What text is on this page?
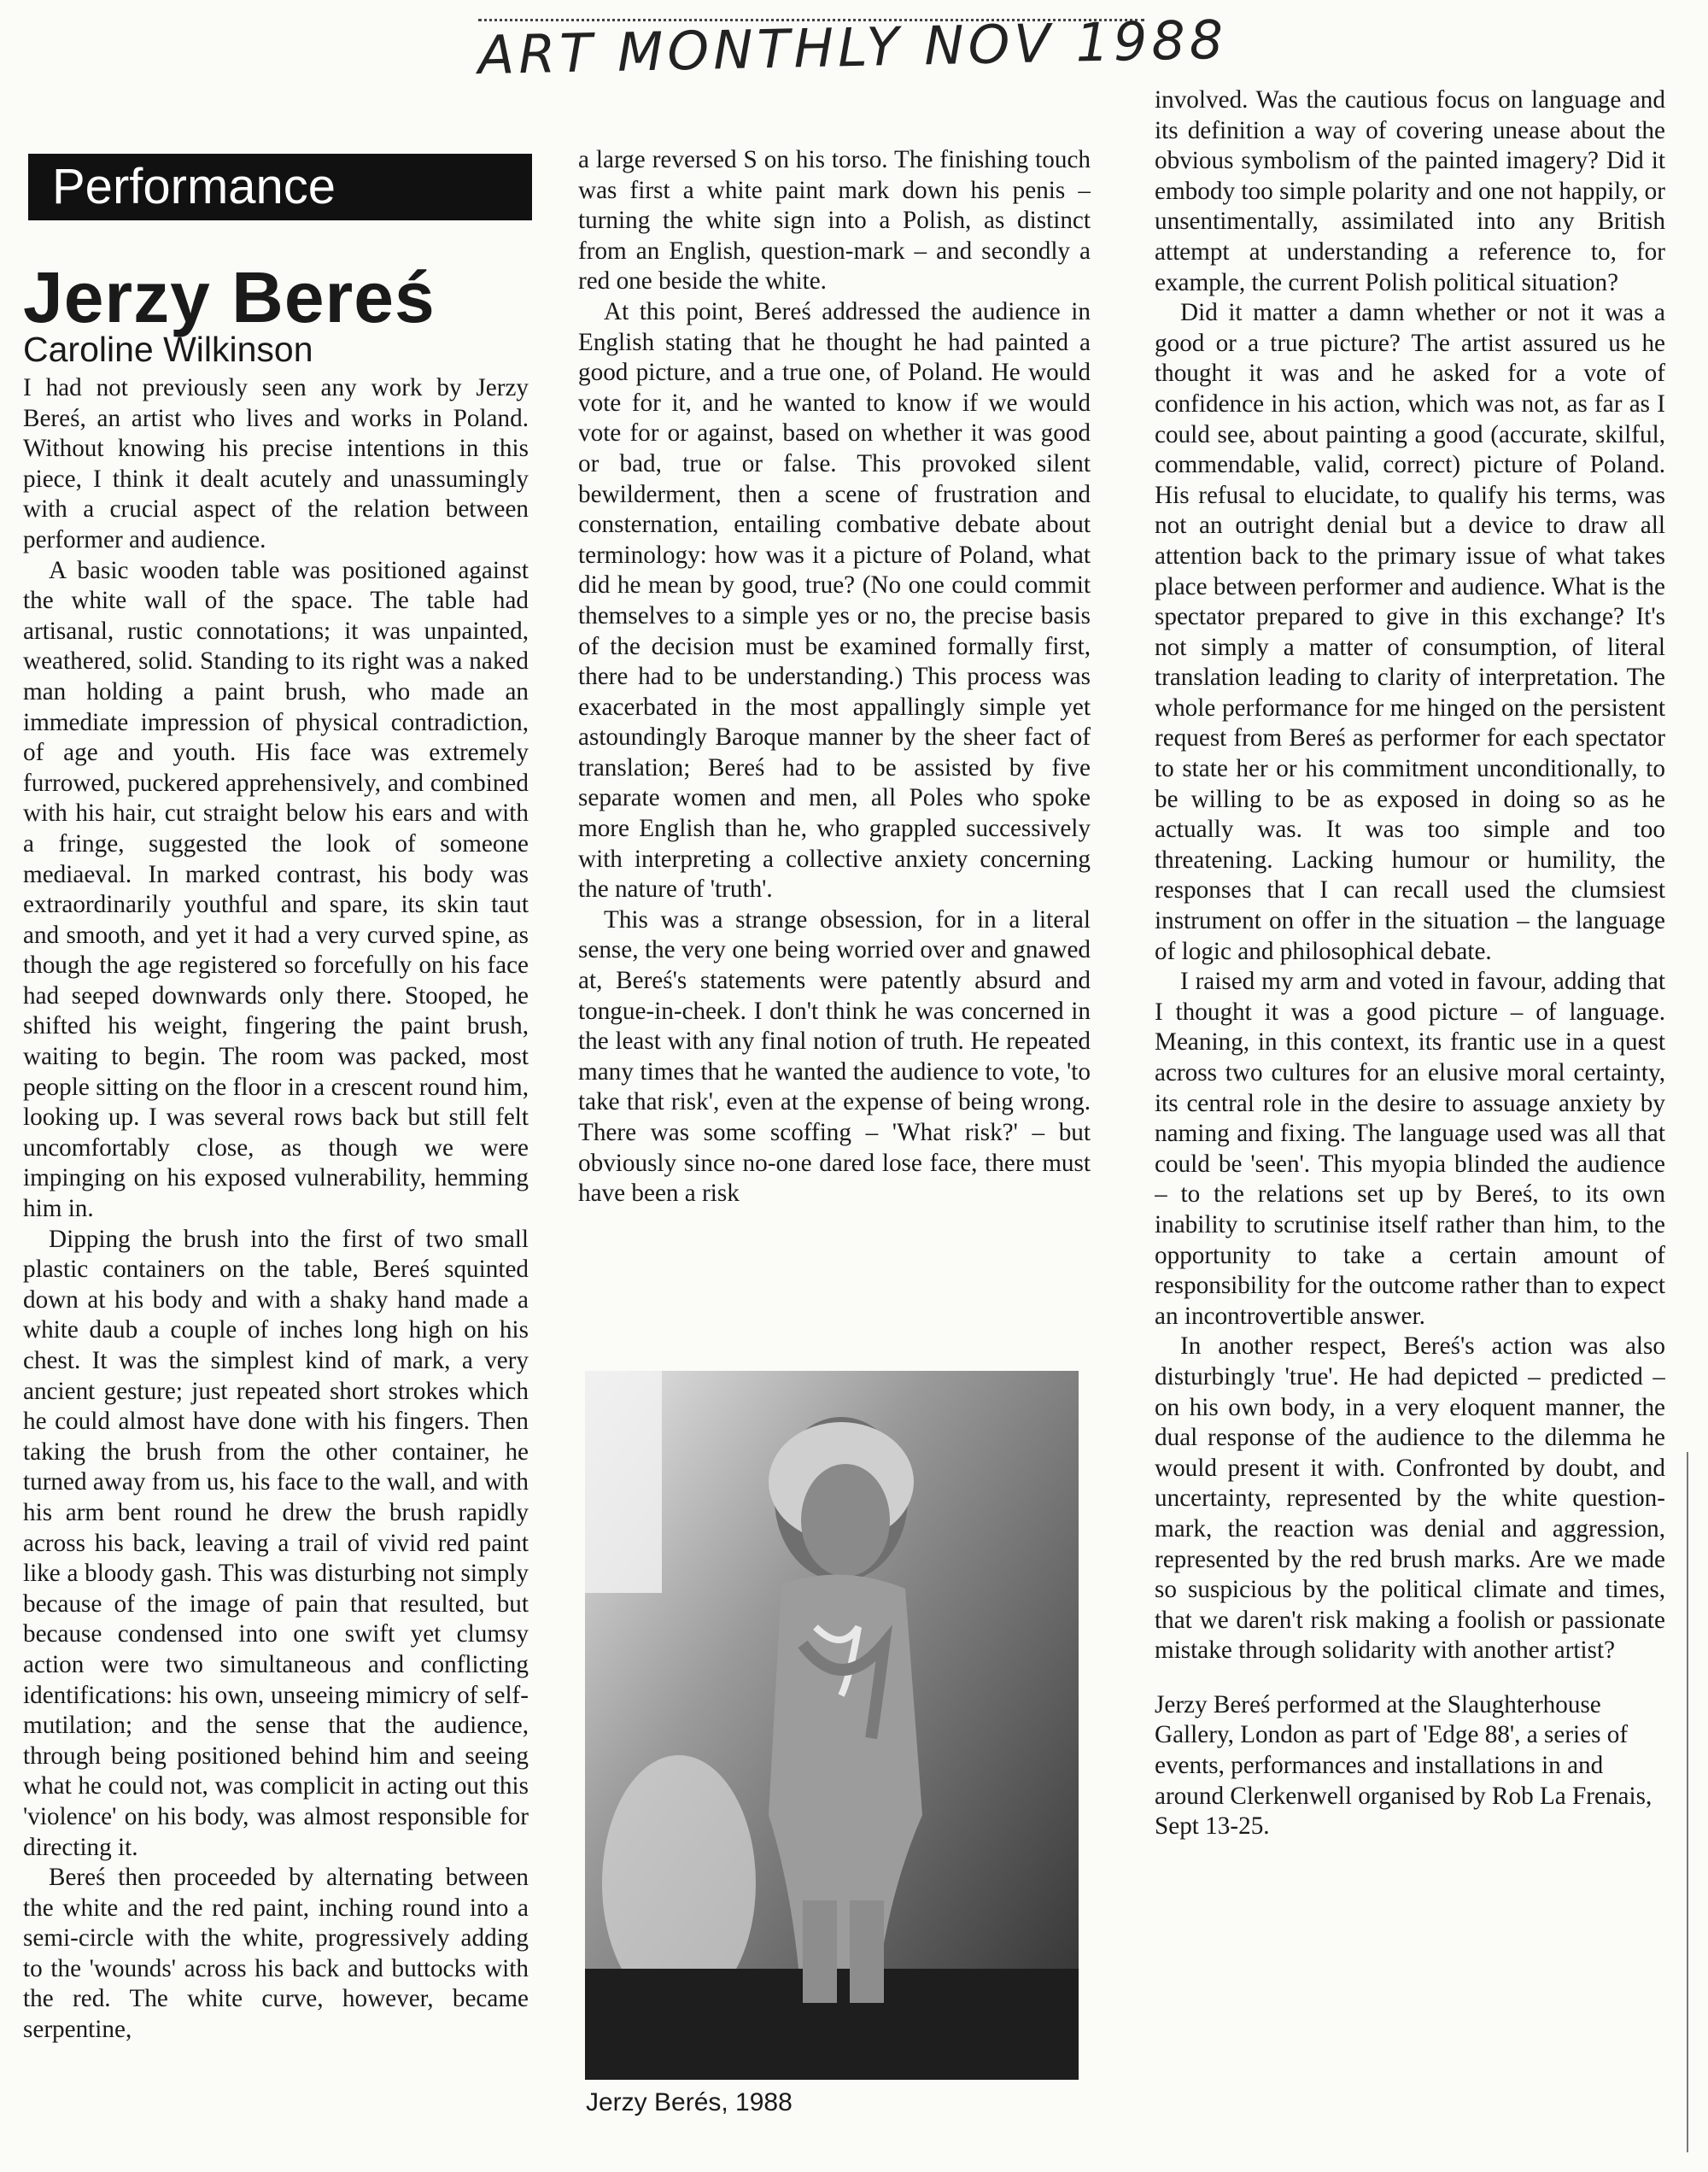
ART MONTHLY NOV 1988
Performance
Jerzy Bereś
Caroline Wilkinson

I had not previously seen any work by Jerzy Bereś, an artist who lives and works in Poland. Without knowing his precise intentions in this piece, I think it dealt acutely and unassumingly with a crucial aspect of the relation between performer and audience.

A basic wooden table was positioned against the white wall of the space. The table had artisanal, rustic connotations; it was unpainted, weathered, solid. Standing to its right was a naked man holding a paint brush, who made an immediate impression of physical contradiction, of age and youth. His face was extremely furrowed, puckered apprehensively, and combined with his hair, cut straight below his ears and with a fringe, suggested the look of someone mediaeval. In marked contrast, his body was extraordinarily youthful and spare, its skin taut and smooth, and yet it had a very curved spine, as though the age registered so forcefully on his face had seeped downwards only there. Stooped, he shifted his weight, fingering the paint brush, waiting to begin. The room was packed, most people sitting on the floor in a crescent round him, looking up. I was several rows back but still felt uncomfortably close, as though we were impinging on his exposed vulnerability, hemming him in.

Dipping the brush into the first of two small plastic containers on the table, Bereś squinted down at his body and with a shaky hand made a white daub a couple of inches long high on his chest. It was the simplest kind of mark, a very ancient gesture; just repeated short strokes which he could almost have done with his fingers. Then taking the brush from the other container, he turned away from us, his face to the wall, and with his arm bent round he drew the brush rapidly across his back, leaving a trail of vivid red paint like a bloody gash. This was disturbing not simply because of the image of pain that resulted, but because condensed into one swift yet clumsy action were two simultaneous and conflicting identifications: his own, unseeing mimicry of self-mutilation; and the sense that the audience, through being positioned behind him and seeing what he could not, was complicit in acting out this 'violence' on his body, was almost responsible for directing it.

Bereś then proceeded by alternating between the white and the red paint, inching round into a semi-circle with the white, progressively adding to the 'wounds' across his back and buttocks with the red. The white curve, however, became serpentine,

a large reversed S on his torso. The finishing touch was first a white paint mark down his penis – turning the white sign into a Polish, as distinct from an English, question-mark – and secondly a red one beside the white.

At this point, Bereś addressed the audience in English stating that he thought he had painted a good picture, and a true one, of Poland. He would vote for it, and he wanted to know if we would vote for or against, based on whether it was good or bad, true or false. This provoked silent bewilderment, then a scene of frustration and consternation, entailing combative debate about terminology: how was it a picture of Poland, what did he mean by good, true? (No one could commit themselves to a simple yes or no, the precise basis of the decision must be examined formally first, there had to be understanding.) This process was exacerbated in the most appallingly simple yet astoundingly Baroque manner by the sheer fact of translation; Bereś had to be assisted by five separate women and men, all Poles who spoke more English than he, who grappled successively with interpreting a collective anxiety concerning the nature of 'truth'.

This was a strange obsession, for in a literal sense, the very one being worried over and gnawed at, Bereś's statements were patently absurd and tongue-in-cheek. I don't think he was concerned in the least with any final notion of truth. He repeated many times that he wanted the audience to vote, 'to take that risk', even at the expense of being wrong. There was some scoffing – 'What risk?' – but obviously since no-one dared lose face, there must have been a risk

Jerzy Berés, 1988

involved. Was the cautious focus on language and its definition a way of covering unease about the obvious symbolism of the painted imagery? Did it embody too simple polarity and one not happily, or unsentimentally, assimilated into any British attempt at understanding a reference to, for example, the current Polish political situation?

Did it matter a damn whether or not it was a good or a true picture? The artist assured us he thought it was and he asked for a vote of confidence in his action, which was not, as far as I could see, about painting a good (accurate, skilful, commendable, valid, correct) picture of Poland. His refusal to elucidate, to qualify his terms, was not an outright denial but a device to draw all attention back to the primary issue of what takes place between performer and audience. What is the spectator prepared to give in this exchange? It's not simply a matter of consumption, of literal translation leading to clarity of interpretation. The whole performance for me hinged on the persistent request from Bereś as performer for each spectator to state her or his commitment unconditionally, to be willing to be as exposed in doing so as he actually was. It was too simple and too threatening. Lacking humour or humility, the responses that I can recall used the clumsiest instrument on offer in the situation – the language of logic and philosophical debate.

I raised my arm and voted in favour, adding that I thought it was a good picture – of language. Meaning, in this context, its frantic use in a quest across two cultures for an elusive moral certainty, its central role in the desire to assuage anxiety by naming and fixing. The language used was all that could be 'seen'. This myopia blinded the audience – to the relations set up by Bereś, to its own inability to scrutinise itself rather than him, to the opportunity to take a certain amount of responsibility for the outcome rather than to expect an incontrovertible answer.

In another respect, Bereś's action was also disturbingly 'true'. He had depicted – predicted – on his own body, in a very eloquent manner, the dual response of the audience to the dilemma he would present it with. Confronted by doubt, and uncertainty, represented by the white question-mark, the reaction was denial and aggression, represented by the red brush marks. Are we made so suspicious by the political climate and times, that we daren't risk making a foolish or passionate mistake through solidarity with another artist?

Jerzy Bereś performed at the Slaughterhouse Gallery, London as part of 'Edge 88', a series of events, performances and installations in and around Clerkenwell organised by Rob La Frenais, Sept 13-25.
